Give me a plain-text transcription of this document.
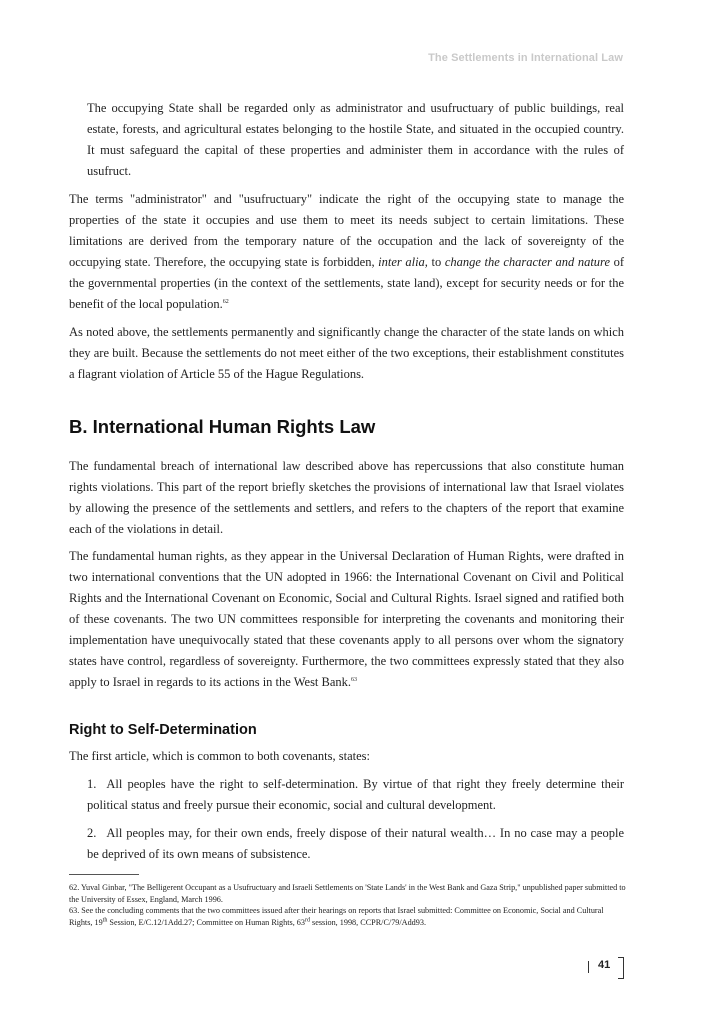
The Settlements in International Law

The occupying State shall be regarded only as administrator and usufructuary of public buildings, real estate, forests, and agricultural estates belonging to the hostile State, and situated in the occupied country. It must safeguard the capital of these properties and administer them in accordance with the rules of usufruct.

The terms "administrator" and "usufructuary" indicate the right of the occupying state to manage the properties of the state it occupies and use them to meet its needs subject to certain limitations. These limitations are derived from the temporary nature of the occupation and the lack of sovereignty of the occupying state. Therefore, the occupying state is forbidden, inter alia, to change the character and nature of the governmental properties (in the context of the settlements, state land), except for security needs or for the benefit of the local population.$^{62}$

As noted above, the settlements permanently and significantly change the character of the state lands on which they are built. Because the settlements do not meet either of the two exceptions, their establishment constitutes a flagrant violation of Article 55 of the Hague Regulations.

B. International Human Rights Law

The fundamental breach of international law described above has repercussions that also constitute human rights violations. This part of the report briefly sketches the provisions of international law that Israel violates by allowing the presence of the settlements and settlers, and refers to the chapters of the report that examine each of the violations in detail.

The fundamental human rights, as they appear in the Universal Declaration of Human Rights, were drafted in two international conventions that the UN adopted in 1966: the International Covenant on Civil and Political Rights and the International Covenant on Economic, Social and Cultural Rights. Israel signed and ratified both of these covenants. The two UN committees responsible for interpreting the covenants and monitoring their implementation have unequivocally stated that these covenants apply to all persons over whom the signatory states have control, regardless of sovereignty. Furthermore, the two committees expressly stated that they also apply to Israel in regards to its actions in the West Bank.$^{63}$

Right to Self-Determination

The first article, which is common to both covenants, states:

1. All peoples have the right to self-determination. By virtue of that right they freely determine their political status and freely pursue their economic, social and cultural development.

2. All peoples may, for their own ends, freely dispose of their natural wealth… In no case may a people be deprived of its own means of subsistence.

62. Yuval Ginbar, "The Belligerent Occupant as a Usufructuary and Israeli Settlements on 'State Lands' in the West Bank and Gaza Strip," unpublished paper submitted to the University of Essex, England, March 1996.

63. See the concluding comments that the two committees issued after their hearings on reports that Israel submitted: Committee on Economic, Social and Cultural Rights, 19th Session, E/C.12/1Add.27; Committee on Human Rights, 63rd session, 1998, CCPR/C/79/Add93.

41
